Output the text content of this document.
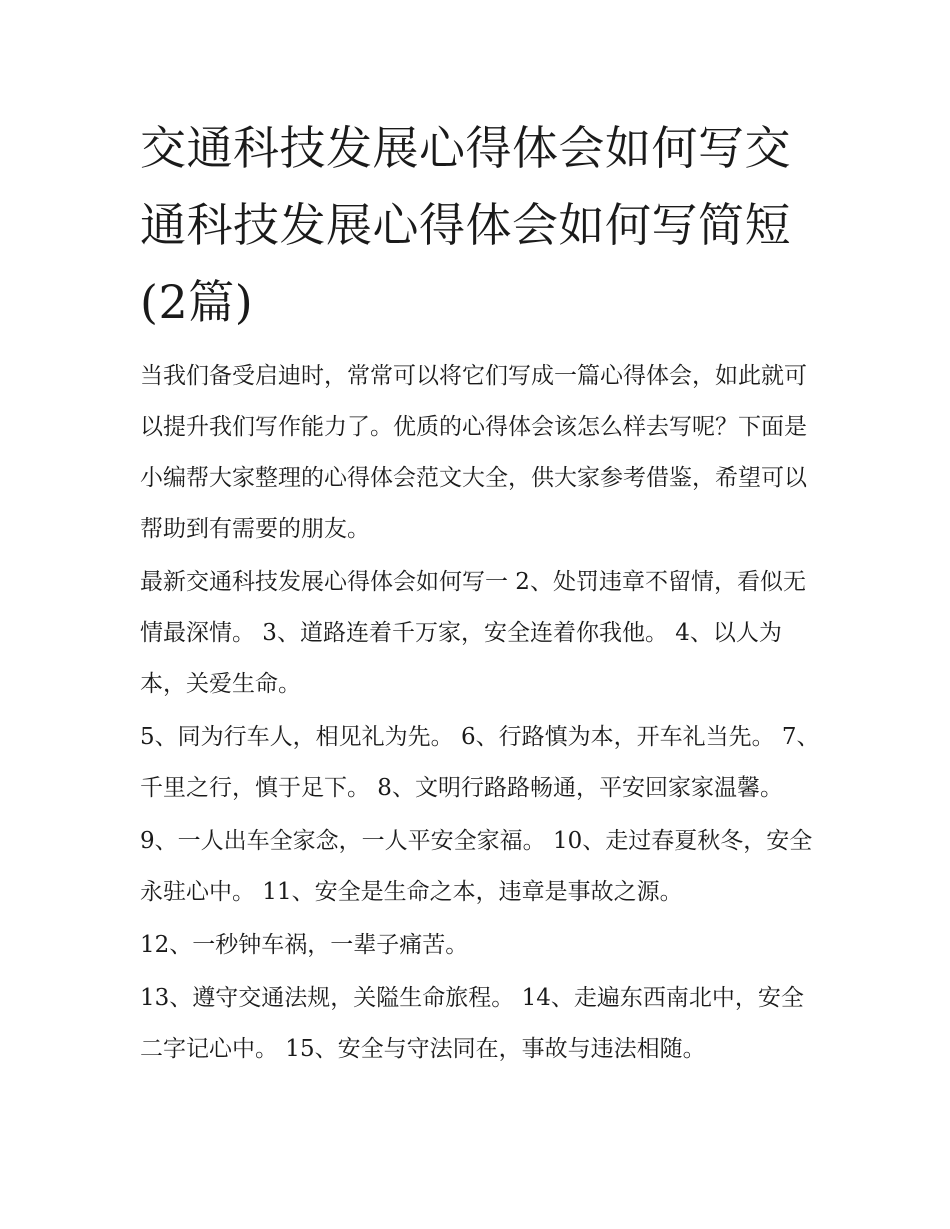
交通科技发展心得体会如何写交通科技发展心得体会如何写简短(2篇)

当我们备受启迪时，常常可以将它们写成一篇心得体会，如此就可以提升我们写作能力了。优质的心得体会该怎么样去写呢？下面是小编帮大家整理的心得体会范文大全，供大家参考借鉴，希望可以帮助到有需要的朋友。

最新交通科技发展心得体会如何写一 2、处罚违章不留情，看似无情最深情。 3、道路连着千万家，安全连着你我他。 4、以人为本，关爱生命。

5、同为行车人，相见礼为先。 6、行路慎为本，开车礼当先。 7、千里之行，慎于足下。 8、文明行路路畅通，平安回家家温馨。

9、一人出车全家念，一人平安全家福。 10、走过春夏秋冬，安全永驻心中。 11、安全是生命之本，违章是事故之源。

12、一秒钟车祸，一辈子痛苦。

13、遵守交通法规，关隘生命旅程。 14、走遍东西南北中，安全二字记心中。 15、安全与守法同在，事故与违法相随。
